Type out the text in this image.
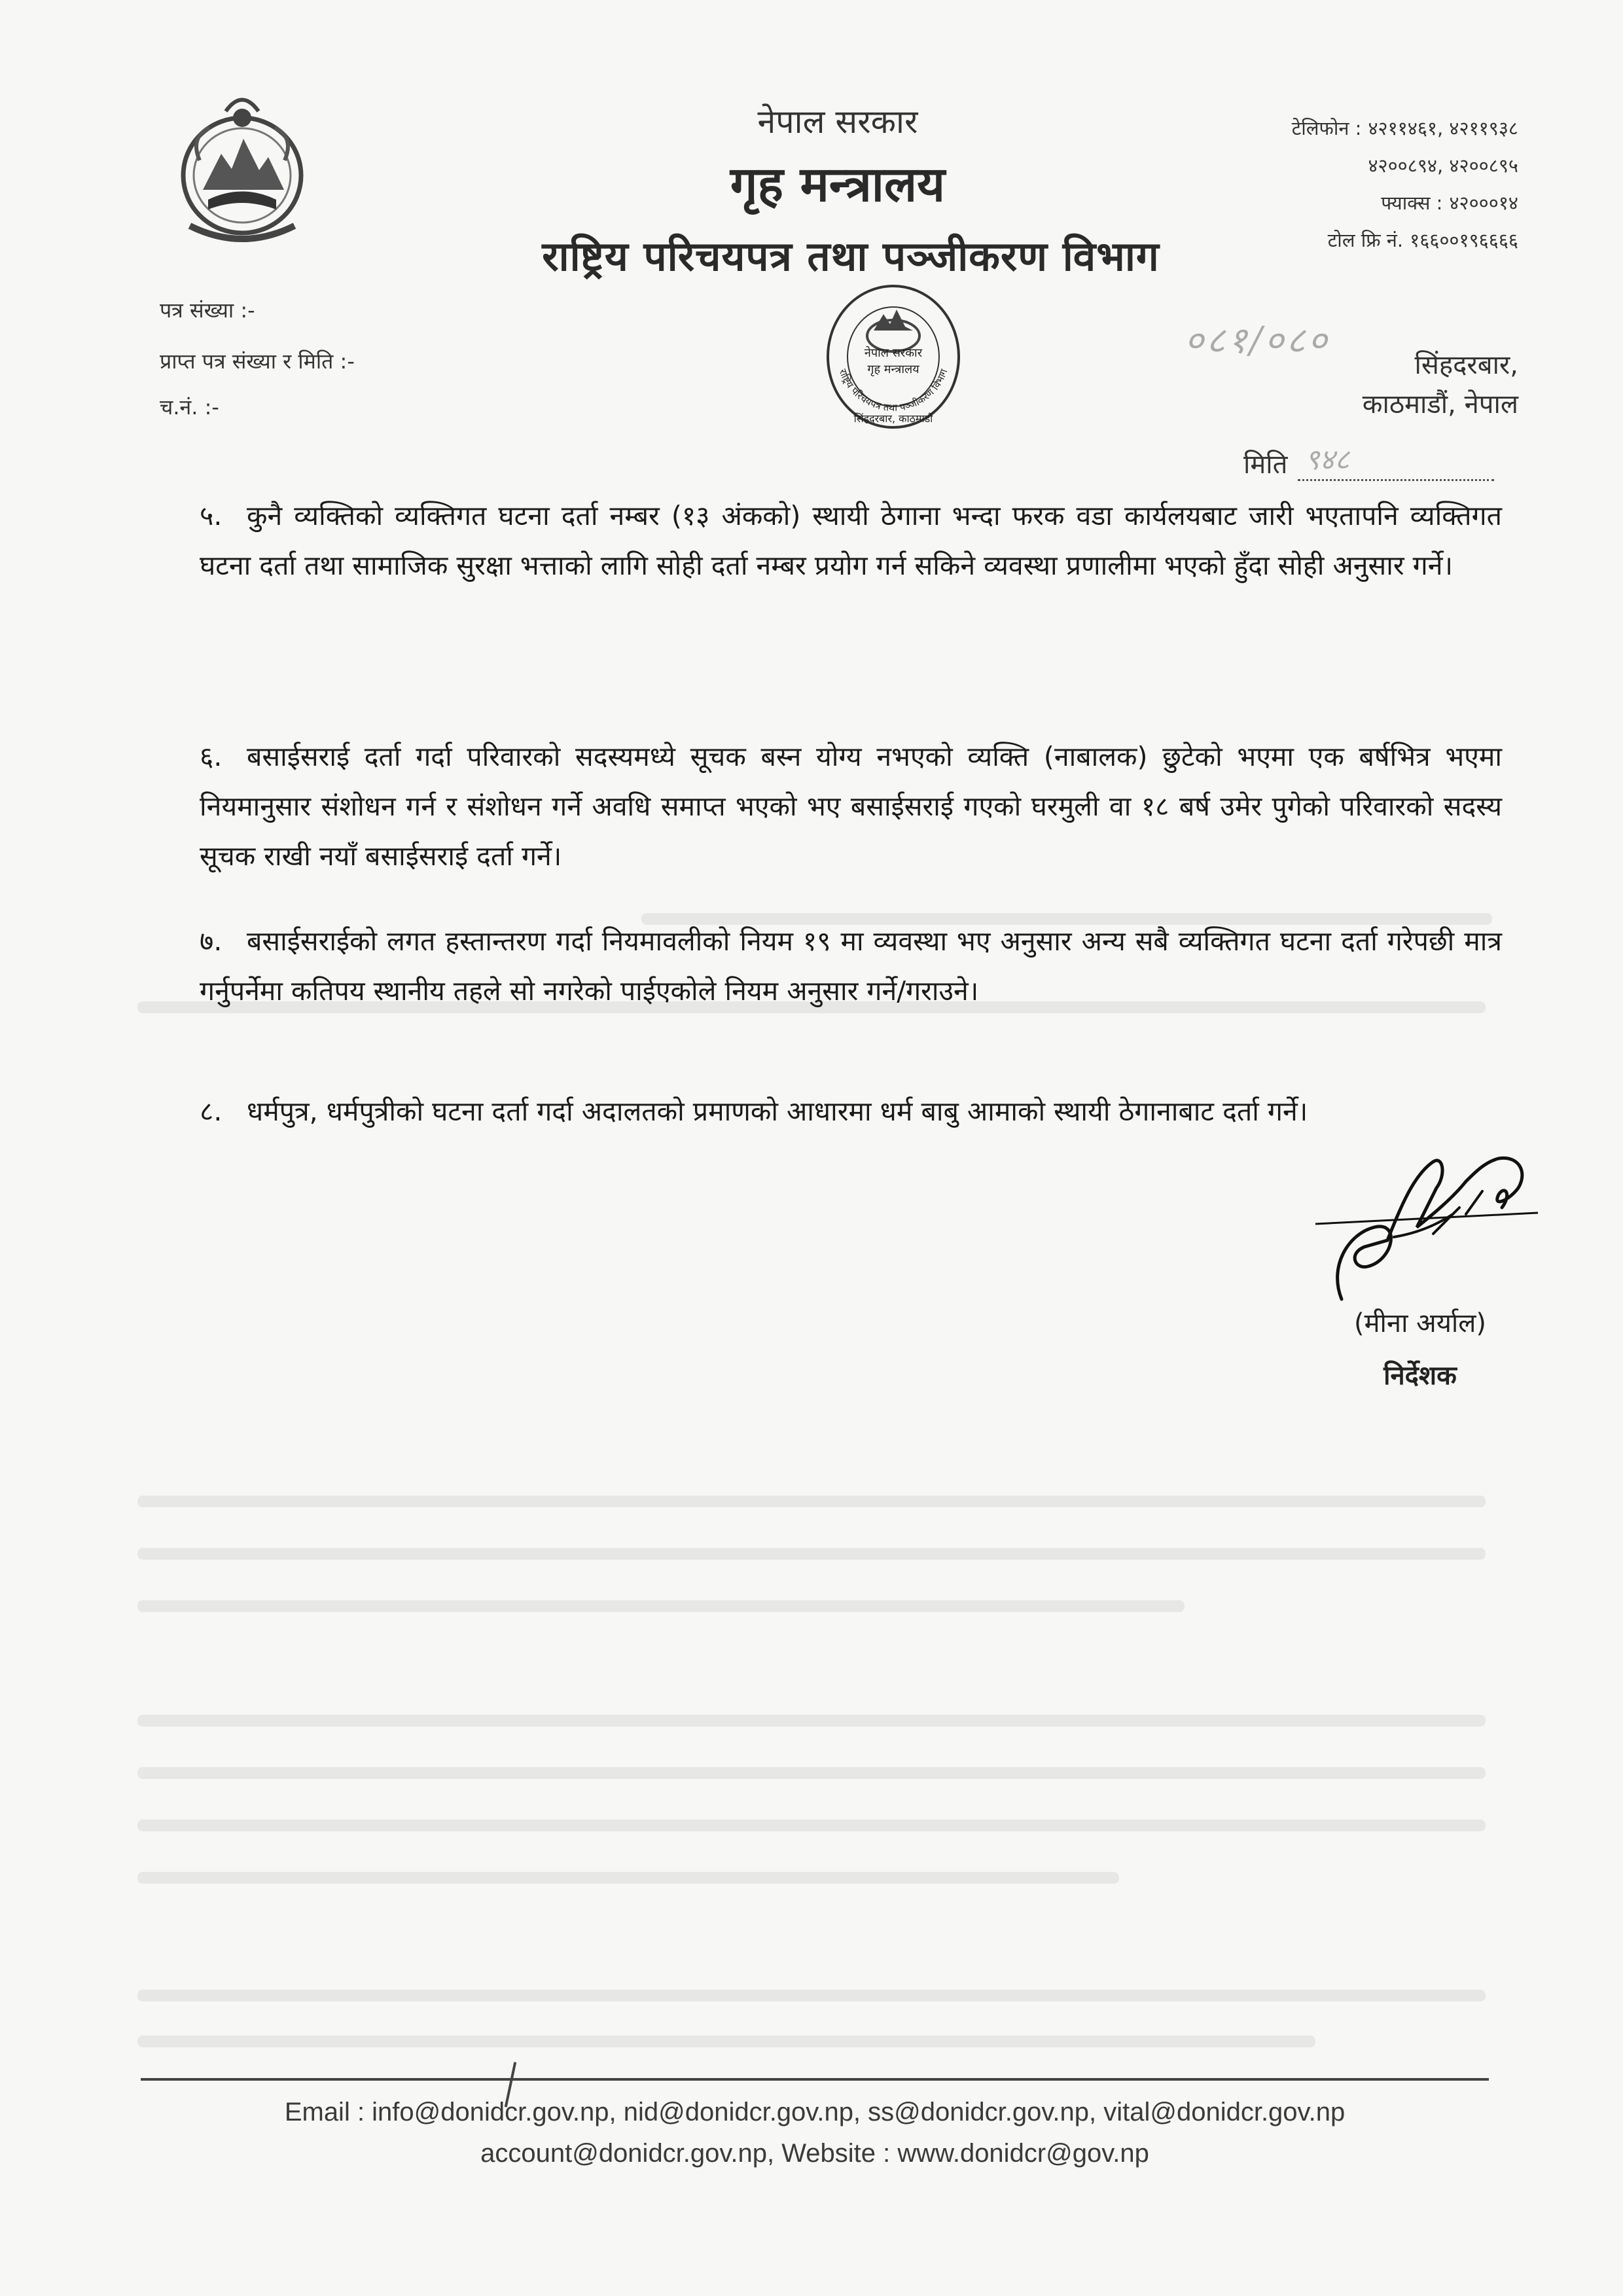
नेपाल सरकार
गृह मन्त्रालय
राष्ट्रिय परिचयपत्र तथा पञ्जीकरण विभाग
टेलिफोन : ४२११४६१, ४२११९३८
४२००८९४, ४२००८९५
फ्याक्स : ४२०००१४
टोल फ्रि नं. १६६००१९६६६६
पत्र संख्या :-
प्राप्त पत्र संख्या र मिति :-
च.नं. :-
नेपाल सरकार
गृह मन्त्रालय
राष्ट्रिय परिचयपत्र तथा पञ्जीकरण विभाग
सिंहदरबार, काठमाडौं
०८१/०८०
सिंहदरबार,
काठमाडौं, नेपाल
मिति ९४८
५. कुनै व्यक्तिको व्यक्तिगत घटना दर्ता नम्बर (१३ अंकको) स्थायी ठेगाना भन्दा फरक वडा कार्यलयबाट जारी भएतापनि व्यक्तिगत घटना दर्ता तथा सामाजिक सुरक्षा भत्ताको लागि सोही दर्ता नम्बर प्रयोग गर्न सकिने व्यवस्था प्रणालीमा भएको हुँदा सोही अनुसार गर्ने।
६. बसाईसराई दर्ता गर्दा परिवारको सदस्यमध्ये सूचक बस्न योग्य नभएको व्यक्ति (नाबालक) छुटेको भएमा एक बर्षभित्र भएमा नियमानुसार संशोधन गर्न र संशोधन गर्ने अवधि समाप्त भएको भए बसाईसराई गएको घरमुली वा १८ बर्ष उमेर पुगेको परिवारको सदस्य सूचक राखी नयाँ बसाईसराई दर्ता गर्ने।
७. बसाईसराईको लगत हस्तान्तरण गर्दा नियमावलीको नियम १९ मा व्यवस्था भए अनुसार अन्य सबै व्यक्तिगत घटना दर्ता गरेपछी मात्र गर्नुपर्नेमा कतिपय स्थानीय तहले सो नगरेको पाईएकोले नियम अनुसार गर्ने/गराउने।
८. धर्मपुत्र, धर्मपुत्रीको घटना दर्ता गर्दा अदालतको प्रमाणको आधारमा धर्म बाबु आमाको स्थायी ठेगानाबाट दर्ता गर्ने।
(मीना अर्याल)
निर्देशक
Email : info@donidcr.gov.np, nid@donidcr.gov.np, ss@donidcr.gov.np, vital@donidcr.gov.np
account@donidcr.gov.np, Website : www.donidcr@gov.np
